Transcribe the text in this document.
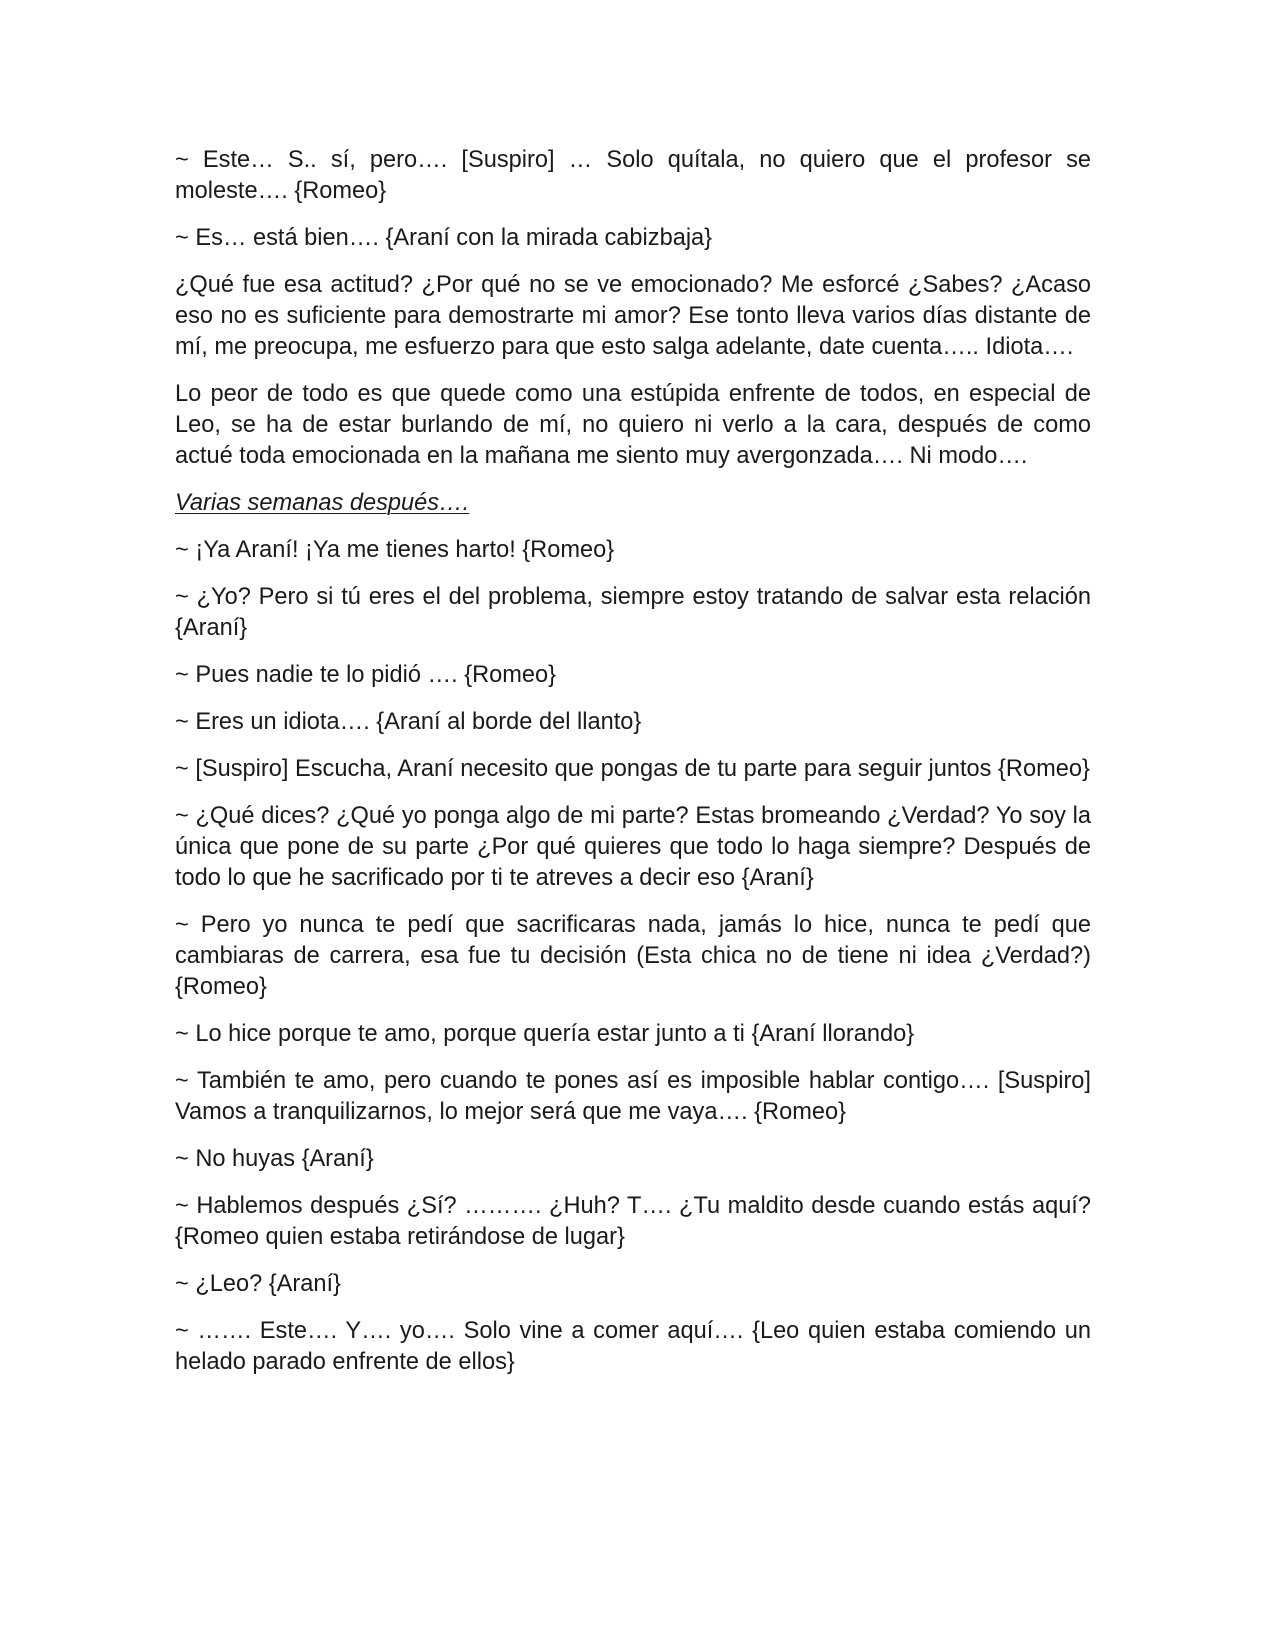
~ Este… S.. sí, pero…. [Suspiro] … Solo quítala, no quiero que el profesor se moleste…. {Romeo}

~ Es… está bien…. {Araní con la mirada cabizbaja}

¿Qué fue esa actitud? ¿Por qué no se ve emocionado? Me esforcé ¿Sabes? ¿Acaso eso no es suficiente para demostrarte mi amor? Ese tonto lleva varios días distante de mí, me preocupa, me esfuerzo para que esto salga adelante, date cuenta….. Idiota….

Lo peor de todo es que quede como una estúpida enfrente de todos, en especial de Leo, se ha de estar burlando de mí, no quiero ni verlo a la cara, después de como actué toda emocionada en la mañana me siento muy avergonzada…. Ni modo….

Varias semanas después….

~ ¡Ya Araní! ¡Ya me tienes harto! {Romeo}

~ ¿Yo? Pero si tú eres el del problema, siempre estoy tratando de salvar esta relación {Araní}

~ Pues nadie te lo pidió …. {Romeo}

~ Eres un idiota…. {Araní al borde del llanto}

~ [Suspiro] Escucha, Araní necesito que pongas de tu parte para seguir juntos {Romeo}

~ ¿Qué dices? ¿Qué yo ponga algo de mi parte? Estas bromeando ¿Verdad? Yo soy la única que pone de su parte ¿Por qué quieres que todo lo haga siempre? Después de todo lo que he sacrificado por ti te atreves a decir eso {Araní}

~ Pero yo nunca te pedí que sacrificaras nada, jamás lo hice, nunca te pedí que cambiaras de carrera, esa fue tu decisión (Esta chica no de tiene ni idea ¿Verdad?) {Romeo}

~ Lo hice porque te amo, porque quería estar junto a ti {Araní llorando}

~ También te amo, pero cuando te pones así es imposible hablar contigo…. [Suspiro] Vamos a tranquilizarnos, lo mejor será que me vaya…. {Romeo}

~ No huyas {Araní}

~ Hablemos después ¿Sí? ………. ¿Huh? T…. ¿Tu maldito desde cuando estás aquí? {Romeo quien estaba retirándose de lugar}

~ ¿Leo? {Araní}

~ ……. Este…. Y…. yo…. Solo vine a comer aquí…. {Leo quien estaba comiendo un helado parado enfrente de ellos}
